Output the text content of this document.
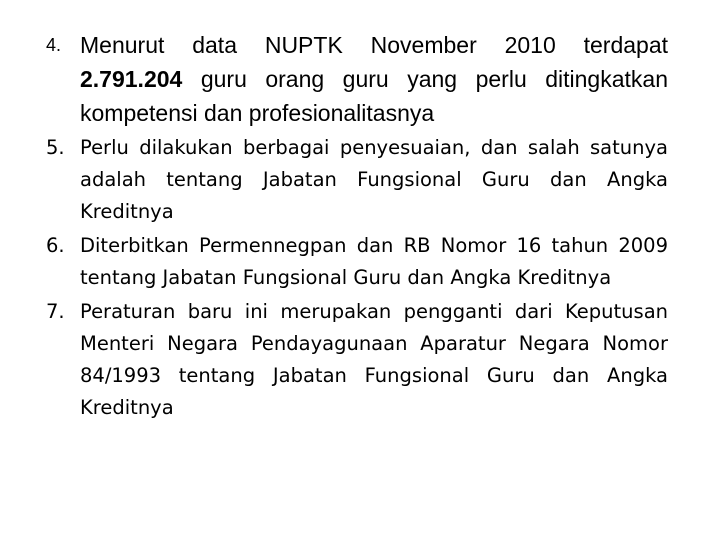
4. Menurut data NUPTK November 2010 terdapat 2.791.204 guru orang guru yang perlu ditingkatkan kompetensi dan profesionalitasnya
5. Perlu dilakukan berbagai penyesuaian, dan salah satunya adalah tentang Jabatan Fungsional Guru dan Angka Kreditnya
6. Diterbitkan Permennegpan dan RB Nomor 16 tahun 2009 tentang Jabatan Fungsional Guru dan Angka Kreditnya
7. Peraturan baru ini merupakan pengganti dari Keputusan Menteri Negara Pendayagunaan Aparatur Negara Nomor 84/1993 tentang Jabatan Fungsional Guru dan Angka Kreditnya
